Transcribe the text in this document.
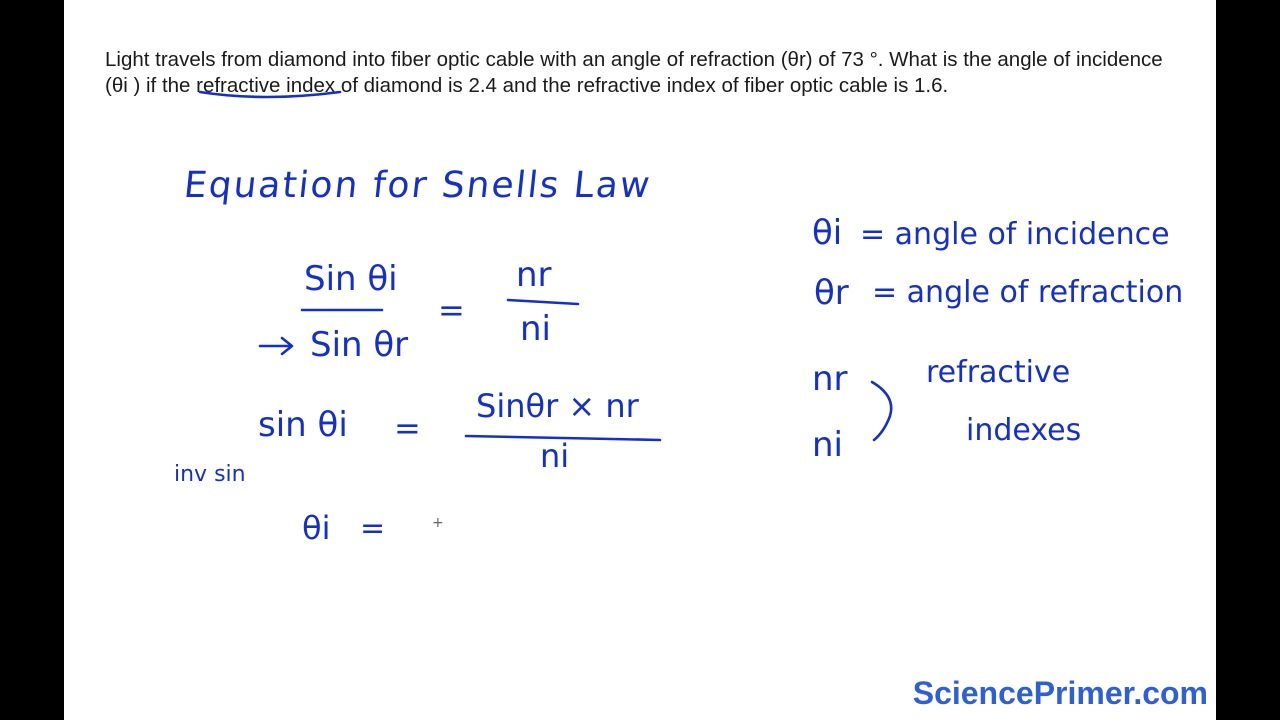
Light travels from diamond into fiber optic cable with an angle of refraction (θr) of 73 °. What is the angle of incidence (θi ) if the refractive index of diamond is 2.4 and the refractive index of fiber optic cable is 1.6.

Equation for Snells Law
Sin θi
Sin θr
=
nr
ni
sin θi =
Sinθr × nr
ni
inv sin
θi =
θi = angle of incidence
θr = angle of refraction
nr
ni
refractive
indexes
+
SciencePrimer.com
